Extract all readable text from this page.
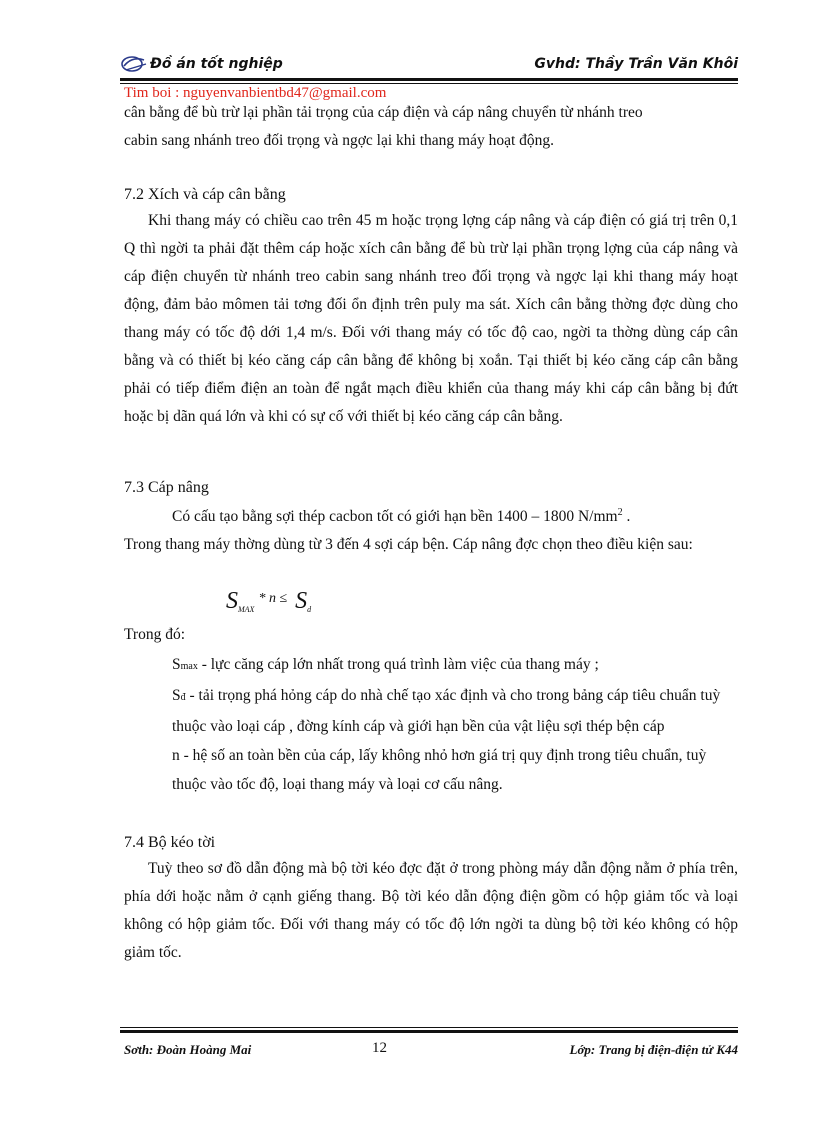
Đồ án tốt nghiệp	Gvhd: Thầy Trần Văn Khôi
Tim boi : nguyenvanbientbd47@gmail.com

cân bằng để bù trừ lại phần tải trọng của cáp điện và cáp nâng chuyển từ nhánh treo

cabin sang nhánh treo đối trọng và ngợc lại khi thang máy hoạt động.

7.2 Xích và cáp cân bằng

Khi thang máy có chiều cao trên 45 m hoặc trọng lợng cáp nâng và cáp điện có giá trị trên 0,1 Q thì ngời ta phải đặt thêm cáp hoặc xích cân bằng để bù trừ lại phần trọng lợng của cáp nâng và cáp điện chuyển từ nhánh treo cabin sang nhánh treo đối trọng và ngợc lại khi thang máy hoạt động, đảm bảo mômen tải tơng đối ổn định trên puly ma sát. Xích cân bằng thờng đợc dùng cho thang máy có tốc độ dới 1,4 m/s. Đối với thang máy có tốc độ cao, ngời ta thờng dùng cáp cân bằng và có thiết bị kéo căng cáp cân bằng để không bị xoắn. Tại thiết bị kéo căng cáp cân bằng phải có tiếp điểm điện an toàn để ngắt mạch điều khiển của thang máy khi cáp cân bằng bị đứt hoặc bị dãn quá lớn và khi có sự cố với thiết bị kéo căng cáp cân bằng.

7.3 Cáp nâng

Có cấu tạo bằng sợi thép cacbon tốt có giới hạn bền 1400 – 1800 $N/mm^2$ .

Trong thang máy thờng dùng từ 3 đến 4 sợi cáp bện. Cáp nâng đợc chọn theo điều kiện sau:

$S_{MAX} * n \le S_d$
Trong đó:

Smax - lực căng cáp lớn nhất trong quá trình làm việc của thang máy ;

Sđ - tải trọng phá hỏng cáp do nhà chế tạo xác định và cho trong bảng cáp tiêu chuẩn tuỳ thuộc vào loại cáp , đờng kính cáp và giới hạn bền của vật liệu sợi thép bện cáp

n - hệ số an toàn bền của cáp, lấy không nhỏ hơn giá trị quy định trong tiêu chuẩn, tuỳ thuộc vào tốc độ, loại thang máy và loại cơ cấu nâng.

7.4 Bộ kéo tời

Tuỳ theo sơ đồ dẫn động mà bộ tời kéo đợc đặt ở trong phòng máy dẫn động nằm ở phía trên, phía dới hoặc nằm ở cạnh giếng thang. Bộ tời kéo dẫn động điện gồm có hộp giảm tốc và loại không có hộp giảm tốc. Đối với thang máy có tốc độ lớn ngời ta dùng bộ tời kéo không có hộp giảm tốc.

Sơth: Đoàn Hoàng Mai	12	Lớp: Trang bị điện-điện tử K44
